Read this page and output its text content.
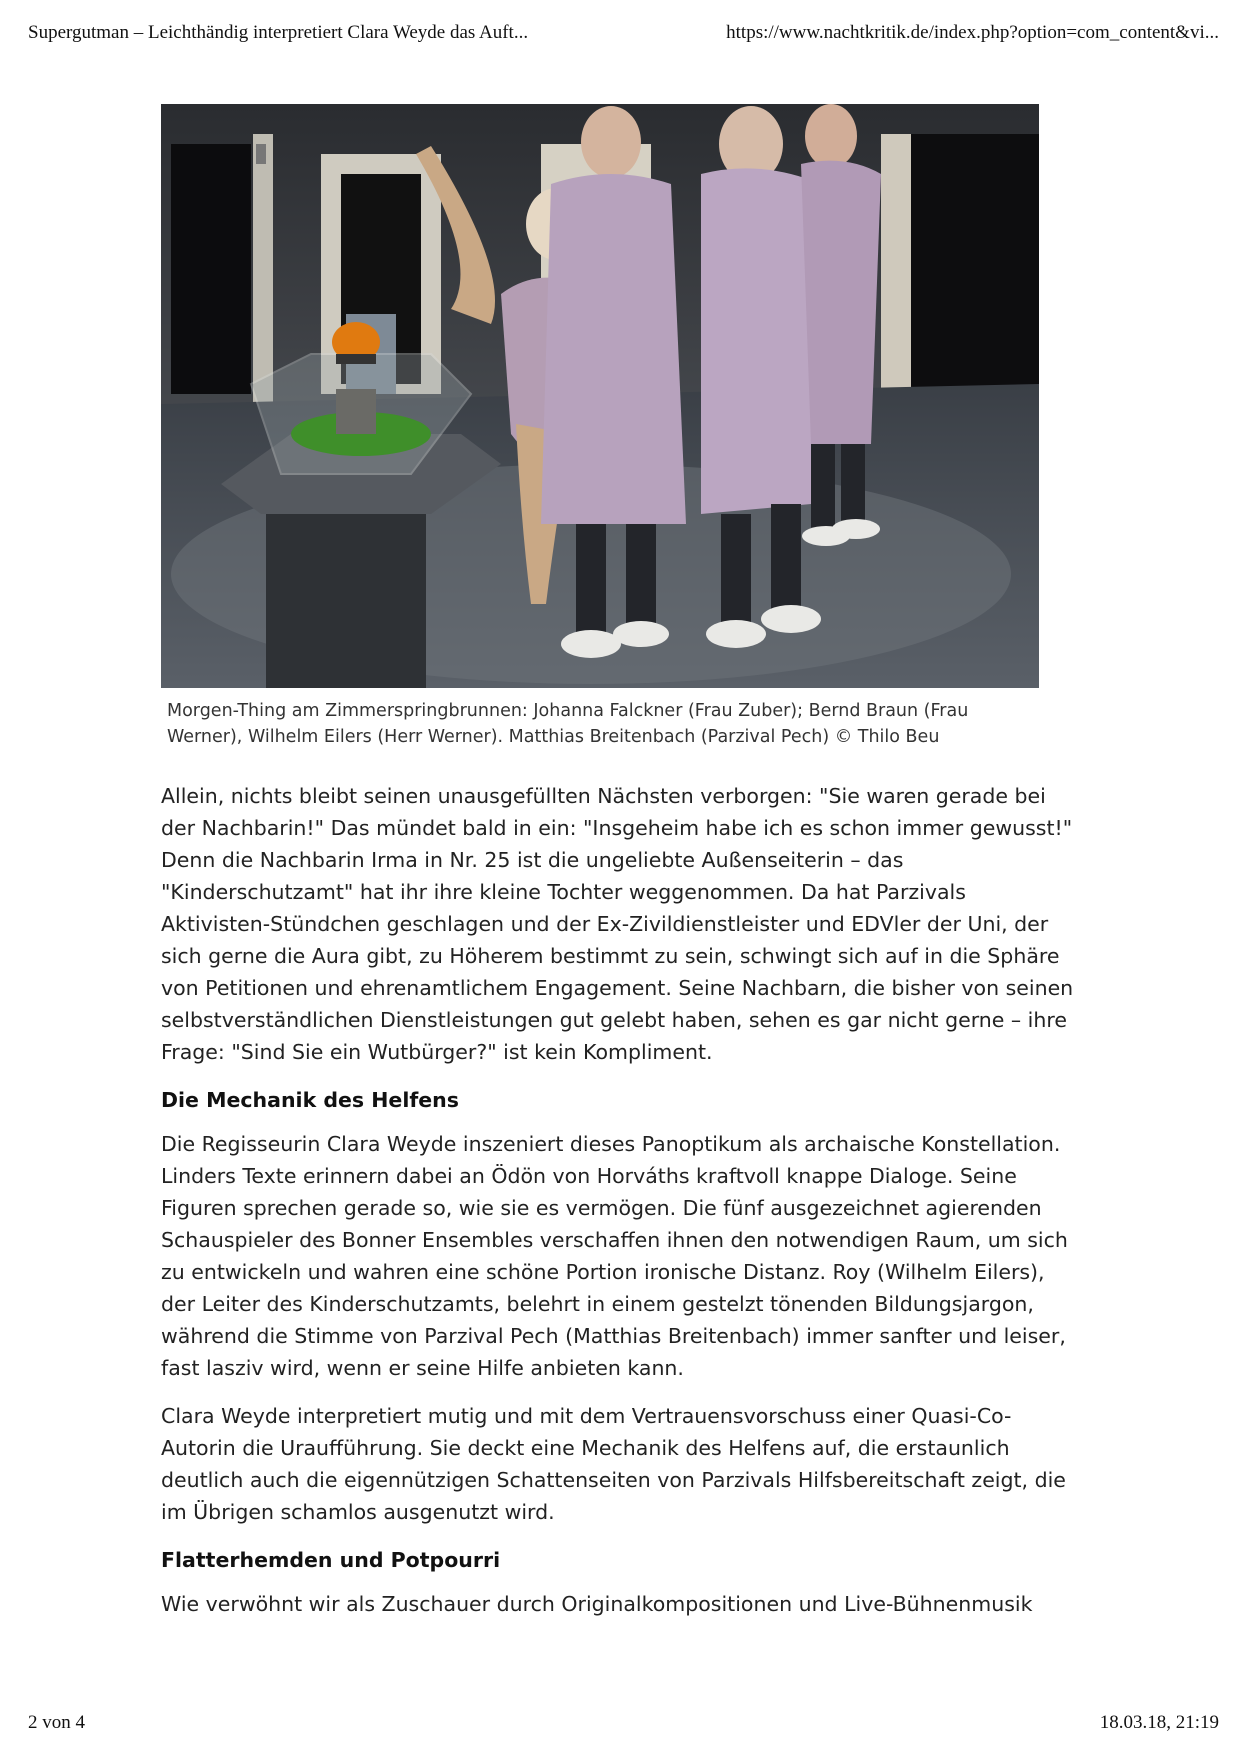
Supergutman – Leichthändig interpretiert Clara Weyde das Auft...	https://www.nachtkritik.de/index.php?option=com_content&vi...
Morgen-Thing am Zimmerspringbrunnen: Johanna Falckner (Frau Zuber); Bernd Braun (Frau Werner), Wilhelm Eilers (Herr Werner). Matthias Breitenbach (Parzival Pech) © Thilo Beu

Allein, nichts bleibt seinen unausgefüllten Nächsten verborgen: "Sie waren gerade bei der Nachbarin!" Das mündet bald in ein: "Insgeheim habe ich es schon immer gewusst!" Denn die Nachbarin Irma in Nr. 25 ist die ungeliebte Außenseiterin – das "Kinderschutzamt" hat ihr ihre kleine Tochter weggenommen. Da hat Parzivals Aktivisten-Stündchen geschlagen und der Ex-Zivildienstleister und EDVler der Uni, der sich gerne die Aura gibt, zu Höherem bestimmt zu sein, schwingt sich auf in die Sphäre von Petitionen und ehrenamtlichem Engagement. Seine Nachbarn, die bisher von seinen selbstverständlichen Dienstleistungen gut gelebt haben, sehen es gar nicht gerne – ihre Frage: "Sind Sie ein Wutbürger?" ist kein Kompliment.

Die Mechanik des Helfens

Die Regisseurin Clara Weyde inszeniert dieses Panoptikum als archaische Konstellation. Linders Texte erinnern dabei an Ödön von Horváths kraftvoll knappe Dialoge. Seine Figuren sprechen gerade so, wie sie es vermögen. Die fünf ausgezeichnet agierenden Schauspieler des Bonner Ensembles verschaffen ihnen den notwendigen Raum, um sich zu entwickeln und wahren eine schöne Portion ironische Distanz. Roy (Wilhelm Eilers), der Leiter des Kinderschutzamts, belehrt in einem gestelzt tönenden Bildungsjargon, während die Stimme von Parzival Pech (Matthias Breitenbach) immer sanfter und leiser, fast lasziv wird, wenn er seine Hilfe anbieten kann.

Clara Weyde interpretiert mutig und mit dem Vertrauensvorschuss einer Quasi-Co-Autorin die Uraufführung. Sie deckt eine Mechanik des Helfens auf, die erstaunlich deutlich auch die eigennützigen Schattenseiten von Parzivals Hilfsbereitschaft zeigt, die im Übrigen schamlos ausgenutzt wird.

Flatterhemden und Potpourri

Wie verwöhnt wir als Zuschauer durch Originalkompositionen und Live-Bühnenmusik

2 von 4	18.03.18, 21:19
